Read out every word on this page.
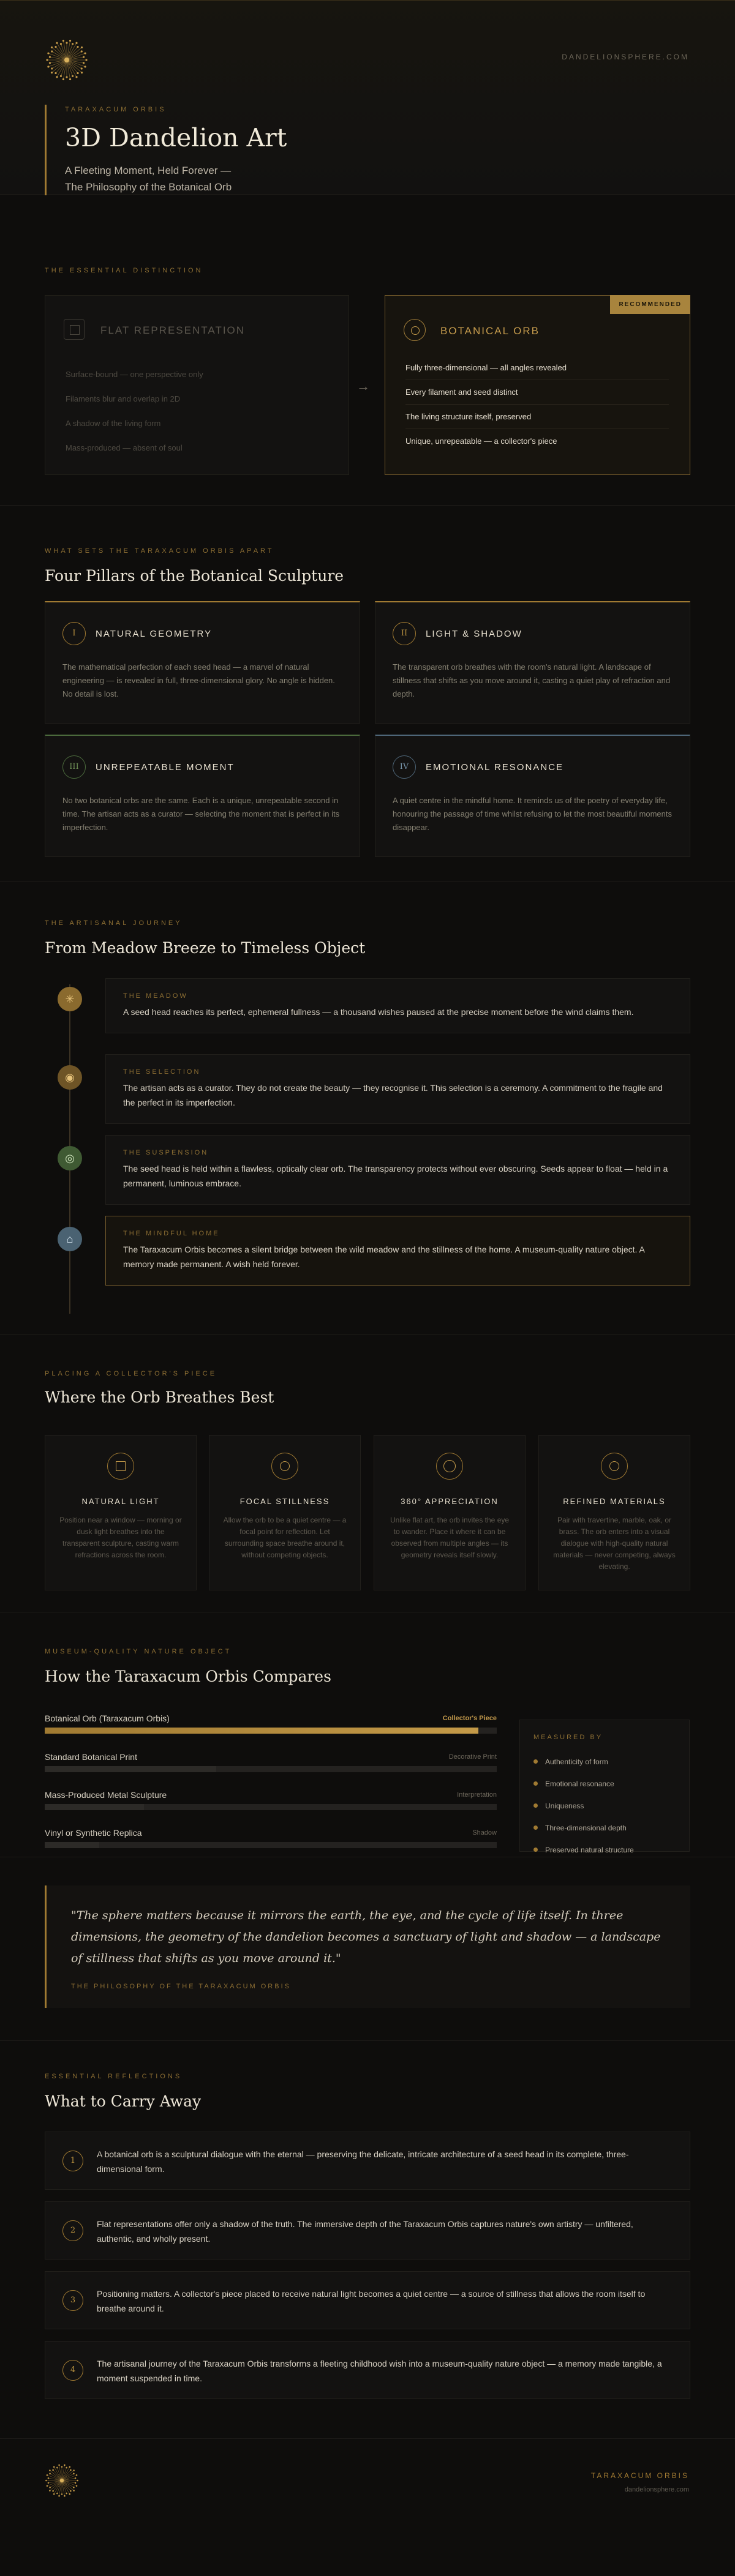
DANDELIONSPHERE.COM
TARAXACUM ORBIS
3D Dandelion Art
A Fleeting Moment, Held Forever —
The Philosophy of the Botanical Orb
THE ESSENTIAL DISTINCTION
FLAT REPRESENTATION
Surface-bound — one perspective only
Filaments blur and overlap in 2D
A shadow of the living form
Mass-produced — absent of soul
→
RECOMMENDED
BOTANICAL ORB
Fully three-dimensional — all angles revealed
Every filament and seed distinct
The living structure itself, preserved
Unique, unrepeatable — a collector's piece
WHAT SETS THE TARAXACUM ORBIS APART
Four Pillars of the Botanical Sculpture
I	NATURAL GEOMETRY
The mathematical perfection of each seed head — a marvel of natural engineering — is revealed in full, three-dimensional glory. No angle is hidden. No detail is lost.
II	LIGHT & SHADOW
The transparent orb breathes with the room's natural light. A landscape of stillness that shifts as you move around it, casting a quiet play of refraction and depth.
III	UNREPEATABLE MOMENT
No two botanical orbs are the same. Each is a unique, unrepeatable second in time. The artisan acts as a curator — selecting the moment that is perfect in its imperfection.
IV	EMOTIONAL RESONANCE
A quiet centre in the mindful home. It reminds us of the poetry of everyday life, honouring the passage of time whilst refusing to let the most beautiful moments disappear.
THE ARTISANAL JOURNEY
From Meadow Breeze to Timeless Object
✳	THE MEADOW
A seed head reaches its perfect, ephemeral fullness — a thousand wishes paused at the precise moment before the wind claims them.
◉	THE SELECTION
The artisan acts as a curator. They do not create the beauty — they recognise it. This selection is a ceremony. A commitment to the fragile and the perfect in its imperfection.
◎	THE SUSPENSION
The seed head is held within a flawless, optically clear orb. The transparency protects without ever obscuring. Seeds appear to float — held in a permanent, luminous embrace.
⌂	THE MINDFUL HOME
The Taraxacum Orbis becomes a silent bridge between the wild meadow and the stillness of the home. A museum-quality nature object. A memory made permanent. A wish held forever.
PLACING A COLLECTOR'S PIECE
Where the Orb Breathes Best
NATURAL LIGHT
Position near a window — morning or dusk light breathes into the transparent sculpture, casting warm refractions across the room.
FOCAL STILLNESS
Allow the orb to be a quiet centre — a focal point for reflection. Let surrounding space breathe around it, without competing objects.
360° APPRECIATION
Unlike flat art, the orb invites the eye to wander. Place it where it can be observed from multiple angles — its geometry reveals itself slowly.
REFINED MATERIALS
Pair with travertine, marble, oak, or brass. The orb enters into a visual dialogue with high-quality natural materials — never competing, always elevating.
MUSEUM-QUALITY NATURE OBJECT
How the Taraxacum Orbis Compares
Botanical Orb (Taraxacum Orbis)	Collector's Piece
Standard Botanical Print	Decorative Print
Mass-Produced Metal Sculpture	Interpretation
Vinyl or Synthetic Replica	Shadow
MEASURED BY
Authenticity of form
Emotional resonance
Uniqueness
Three-dimensional depth
Preserved natural structure
"The sphere matters because it mirrors the earth, the eye, and the cycle of life itself. In three dimensions, the geometry of the dandelion becomes a sanctuary of light and shadow — a landscape of stillness that shifts as you move around it."
THE PHILOSOPHY OF THE TARAXACUM ORBIS
ESSENTIAL REFLECTIONS
What to Carry Away
1
A botanical orb is a sculptural dialogue with the eternal — preserving the delicate, intricate architecture of a seed head in its complete, three-dimensional form.
2
Flat representations offer only a shadow of the truth. The immersive depth of the Taraxacum Orbis captures nature's own artistry — unfiltered, authentic, and wholly present.
3
Positioning matters. A collector's piece placed to receive natural light becomes a quiet centre — a source of stillness that allows the room itself to breathe around it.
4
The artisanal journey of the Taraxacum Orbis transforms a fleeting childhood wish into a museum-quality nature object — a memory made tangible, a moment suspended in time.
TARAXACUM ORBIS
dandelionsphere.com
